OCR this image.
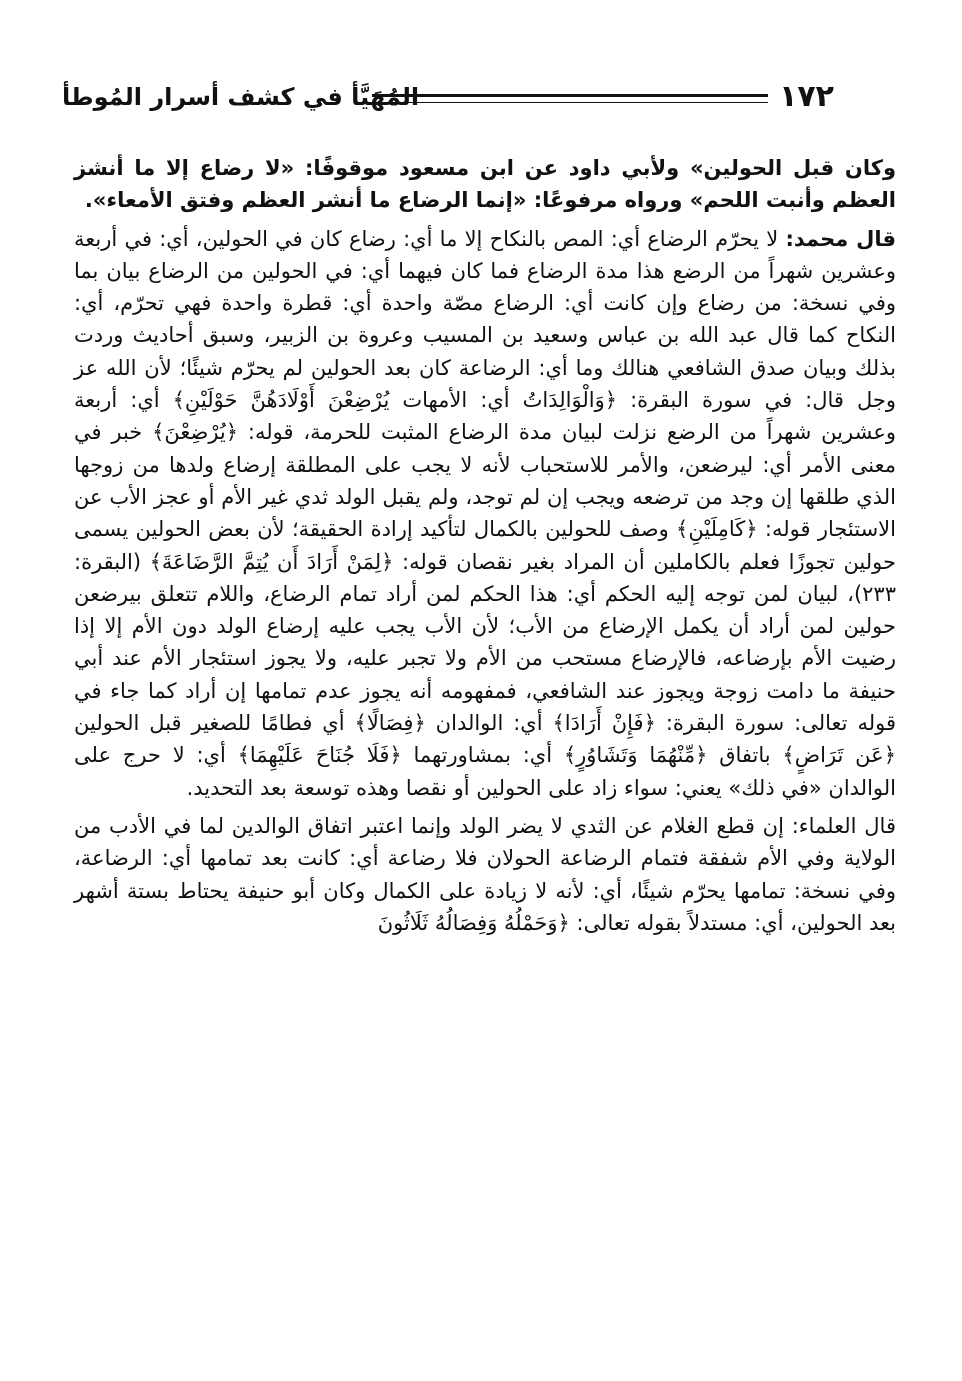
١٧٢
المُهَيَّأ في كشف أسرار المُوطأ

وكان قبل الحولين» ولأبي داود عن ابن مسعود موقوفًا: «لا رضاع إلا ما أنشز العظم وأنبت اللحم» ورواه مرفوعًا: «إنما الرضاع ما أنشر العظم وفتق الأمعاء».

قال محمد: لا يحرّم الرضاع أي: المص بالنكاح إلا ما أي: رضاع كان في الحولين، أي: في أربعة وعشرين شهراً من الرضع هذا مدة الرضاع فما كان فيهما أي: في الحولين من الرضاع بيان بما وفي نسخة: من رضاع وإن كانت أي: الرضاع مصّة واحدة أي: قطرة واحدة فهي تحرّم، أي: النكاح كما قال عبد الله بن عباس وسعيد بن المسيب وعروة بن الزبير، وسبق أحاديث وردت بذلك وبيان صدق الشافعي هنالك وما أي: الرضاعة كان بعد الحولين لم يحرّم شيئًا؛ لأن الله عز وجل قال: في سورة البقرة: ﴿وَالْوَالِدَاتُ أي: الأمهات يُرْضِعْنَ أَوْلَادَهُنَّ حَوْلَيْنِ﴾ أي: أربعة وعشرين شهراً من الرضع نزلت لبيان مدة الرضاع المثبت للحرمة، قوله: ﴿يُرْضِعْنَ﴾ خبر في معنى الأمر أي: ليرضعن، والأمر للاستحباب لأنه لا يجب على المطلقة إرضاع ولدها من زوجها الذي طلقها إن وجد من ترضعه ويجب إن لم توجد، ولم يقبل الولد ثدي غير الأم أو عجز الأب عن الاستئجار قوله: ﴿كَامِلَيْنِ﴾ وصف للحولين بالكمال لتأكيد إرادة الحقيقة؛ لأن بعض الحولين يسمى حولين تجوزًا فعلم بالكاملين أن المراد بغير نقصان قوله: ﴿لِمَنْ أَرَادَ أَن يُتِمَّ الرَّضَاعَةَ﴾ (البقرة: ٢٣٣)، لبيان لمن توجه إليه الحكم أي: هذا الحكم لمن أراد تمام الرضاع، واللام تتعلق بيرضعن حولين لمن أراد أن يكمل الإرضاع من الأب؛ لأن الأب يجب عليه إرضاع الولد دون الأم إلا إذا رضيت الأم بإرضاعه، فالإرضاع مستحب من الأم ولا تجبر عليه، ولا يجوز استئجار الأم عند أبي حنيفة ما دامت زوجة ويجوز عند الشافعي، فمفهومه أنه يجوز عدم تمامها إن أراد كما جاء في قوله تعالى: سورة البقرة: ﴿فَإِنْ أَرَادَا﴾ أي: الوالدان ﴿فِصَالًا﴾ أي فطامًا للصغير قبل الحولين ﴿عَن تَرَاضٍ﴾ باتفاق ﴿مِّنْهُمَا وَتَشَاوُرٍ﴾ أي: بمشاورتهما ﴿فَلَا جُنَاحَ عَلَيْهِمَا﴾ أي: لا حرج على الوالدان «في ذلك» يعني: سواء زاد على الحولين أو نقصا وهذه توسعة بعد التحديد.

قال العلماء: إن قطع الغلام عن الثدي لا يضر الولد وإنما اعتبر اتفاق الوالدين لما في الأدب من الولاية وفي الأم شفقة فتمام الرضاعة الحولان فلا رضاعة أي: كانت بعد تمامها أي: الرضاعة، وفي نسخة: تمامها يحرّم شيئًا، أي: لأنه لا زيادة على الكمال وكان أبو حنيفة يحتاط بستة أشهر بعد الحولين، أي: مستدلاً بقوله تعالى: ﴿وَحَمْلُهُ وَفِصَالُهُ ثَلَاثُونَ
